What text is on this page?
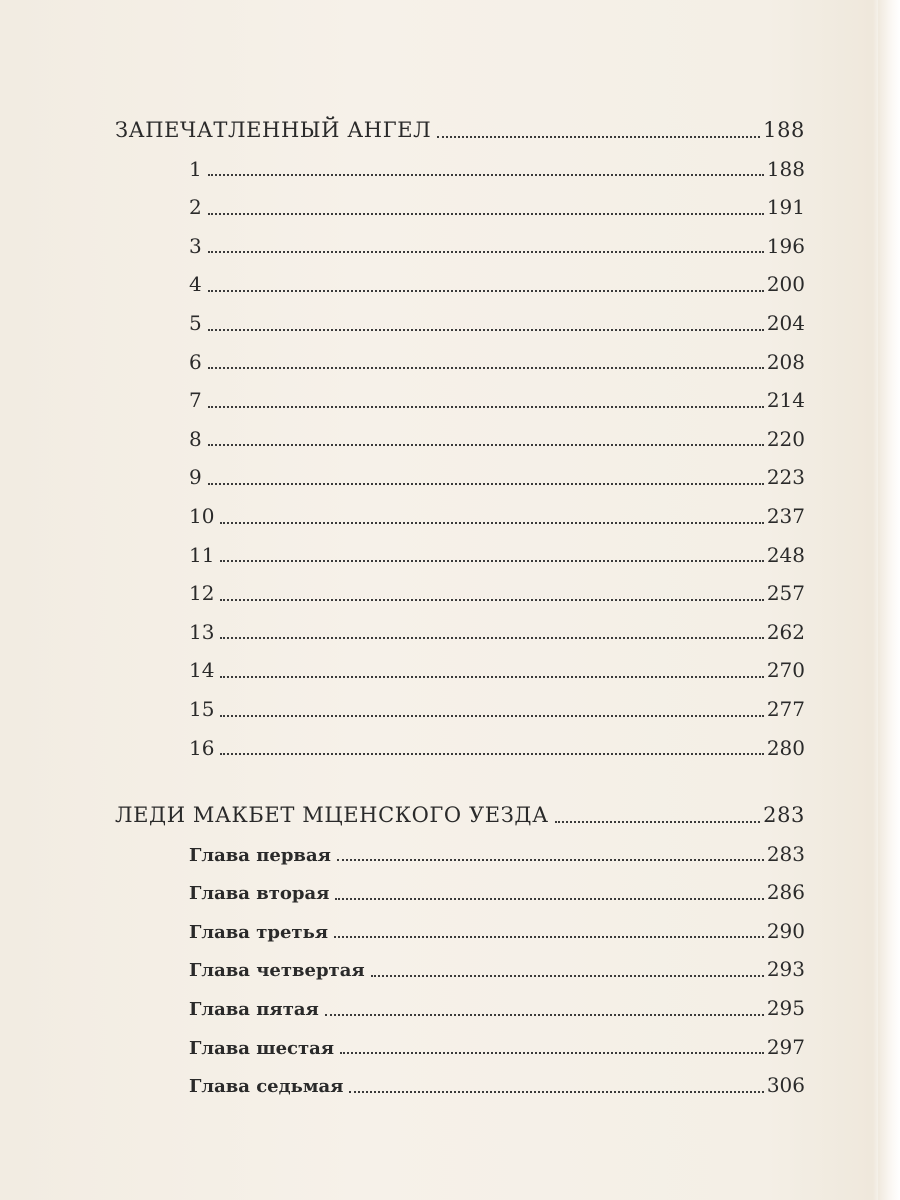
ЗАПЕЧАТЛЕННЫЙ АНГЕЛ	188
1	188
2	191
3	196
4	200
5	204
6	208
7	214
8	220
9	223
10	237
11	248
12	257
13	262
14	270
15	277
16	280
ЛЕДИ МАКБЕТ МЦЕНСКОГО УЕЗДА	283
Глава первая	283
Глава вторая	286
Глава третья	290
Глава четвертая	293
Глава пятая	295
Глава шестая	297
Глава седьмая	306
